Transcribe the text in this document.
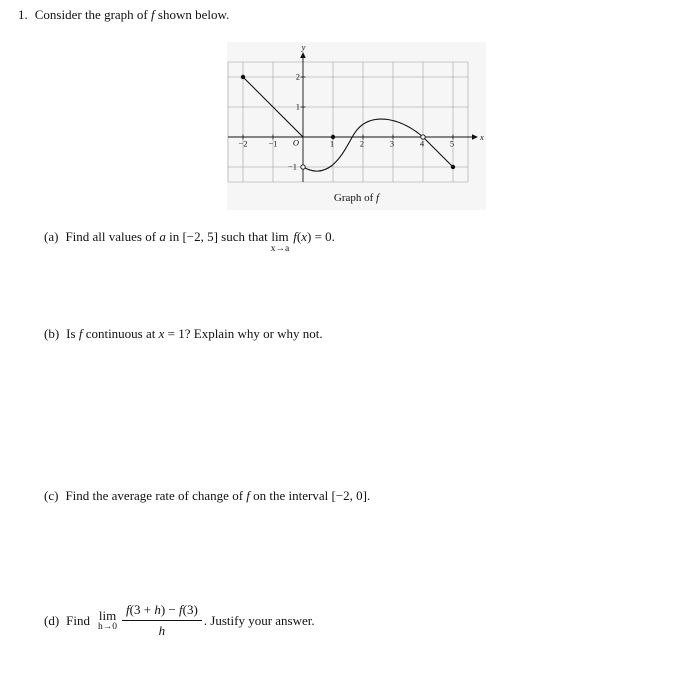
1. Consider the graph of f shown below.
y
x
O
−2 −1	1	2	3	4	5
2
1
−1
Graph of f
(a) Find all values of a in [−2, 5] such that lim
x→a
f(x) = 0.
(b) Is f continuous at x = 1? Explain why or why not.
(c) Find the average rate of change of f on the interval [−2, 0].
(d) Find lim
$h\to 0 \frac{f(3 + h) - f(3)}{h}$ . Justify your answer.
